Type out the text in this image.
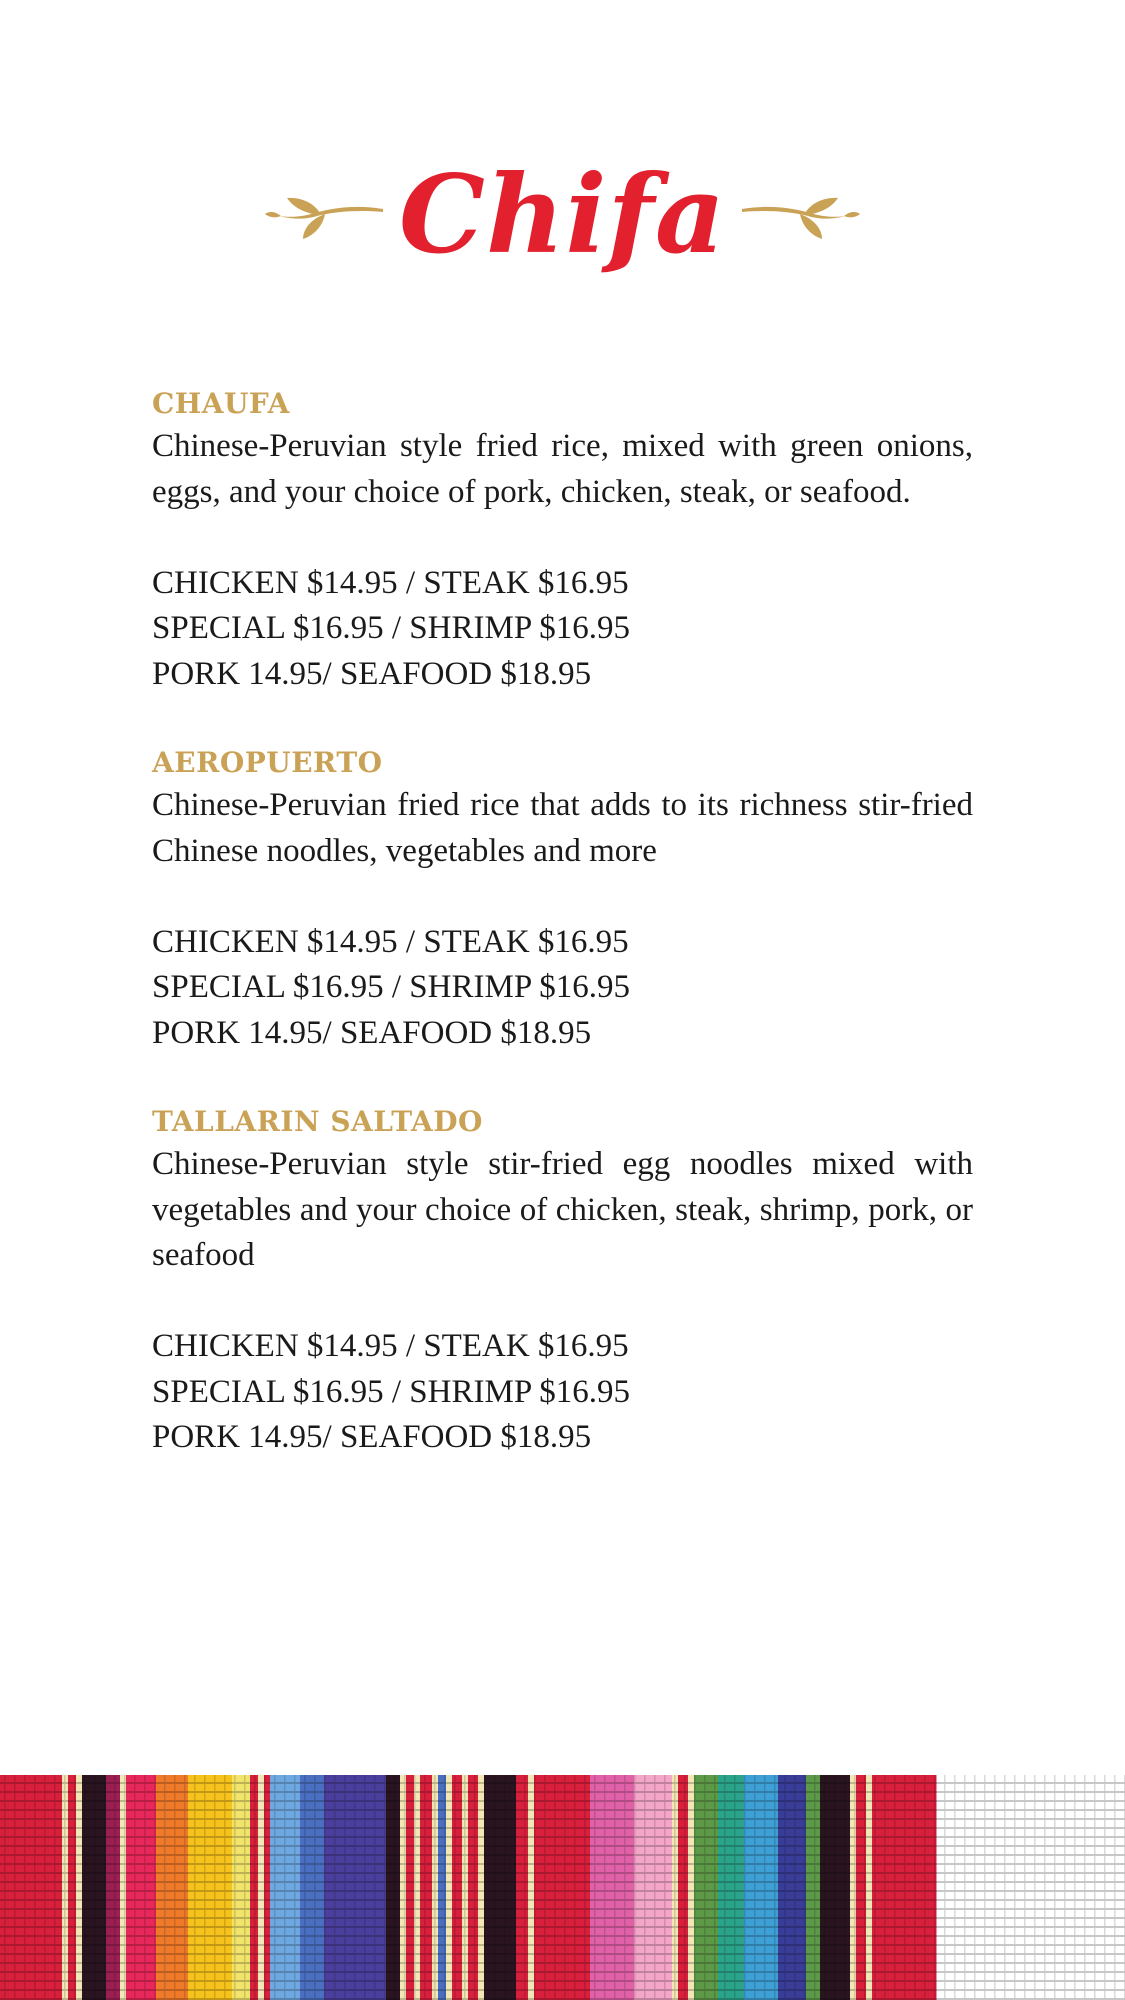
Chifa
CHAUFA

Chinese-Peruvian style fried rice, mixed with green onions, eggs, and your choice of pork, chicken, steak, or seafood.

CHICKEN $14.95 / STEAK $16.95

SPECIAL $16.95 / SHRIMP $16.95

PORK 14.95/ SEAFOOD $18.95

AEROPUERTO

Chinese-Peruvian fried rice that adds to its richness stir-fried Chinese noodles, vegetables and more

CHICKEN $14.95 / STEAK $16.95

SPECIAL $16.95 / SHRIMP $16.95

PORK 14.95/ SEAFOOD $18.95

TALLARIN SALTADO

Chinese-Peruvian style stir-fried egg noodles mixed with vegetables and your choice of chicken, steak, shrimp, pork, or seafood

CHICKEN $14.95 / STEAK $16.95

SPECIAL $16.95 / SHRIMP $16.95

PORK 14.95/ SEAFOOD $18.95
